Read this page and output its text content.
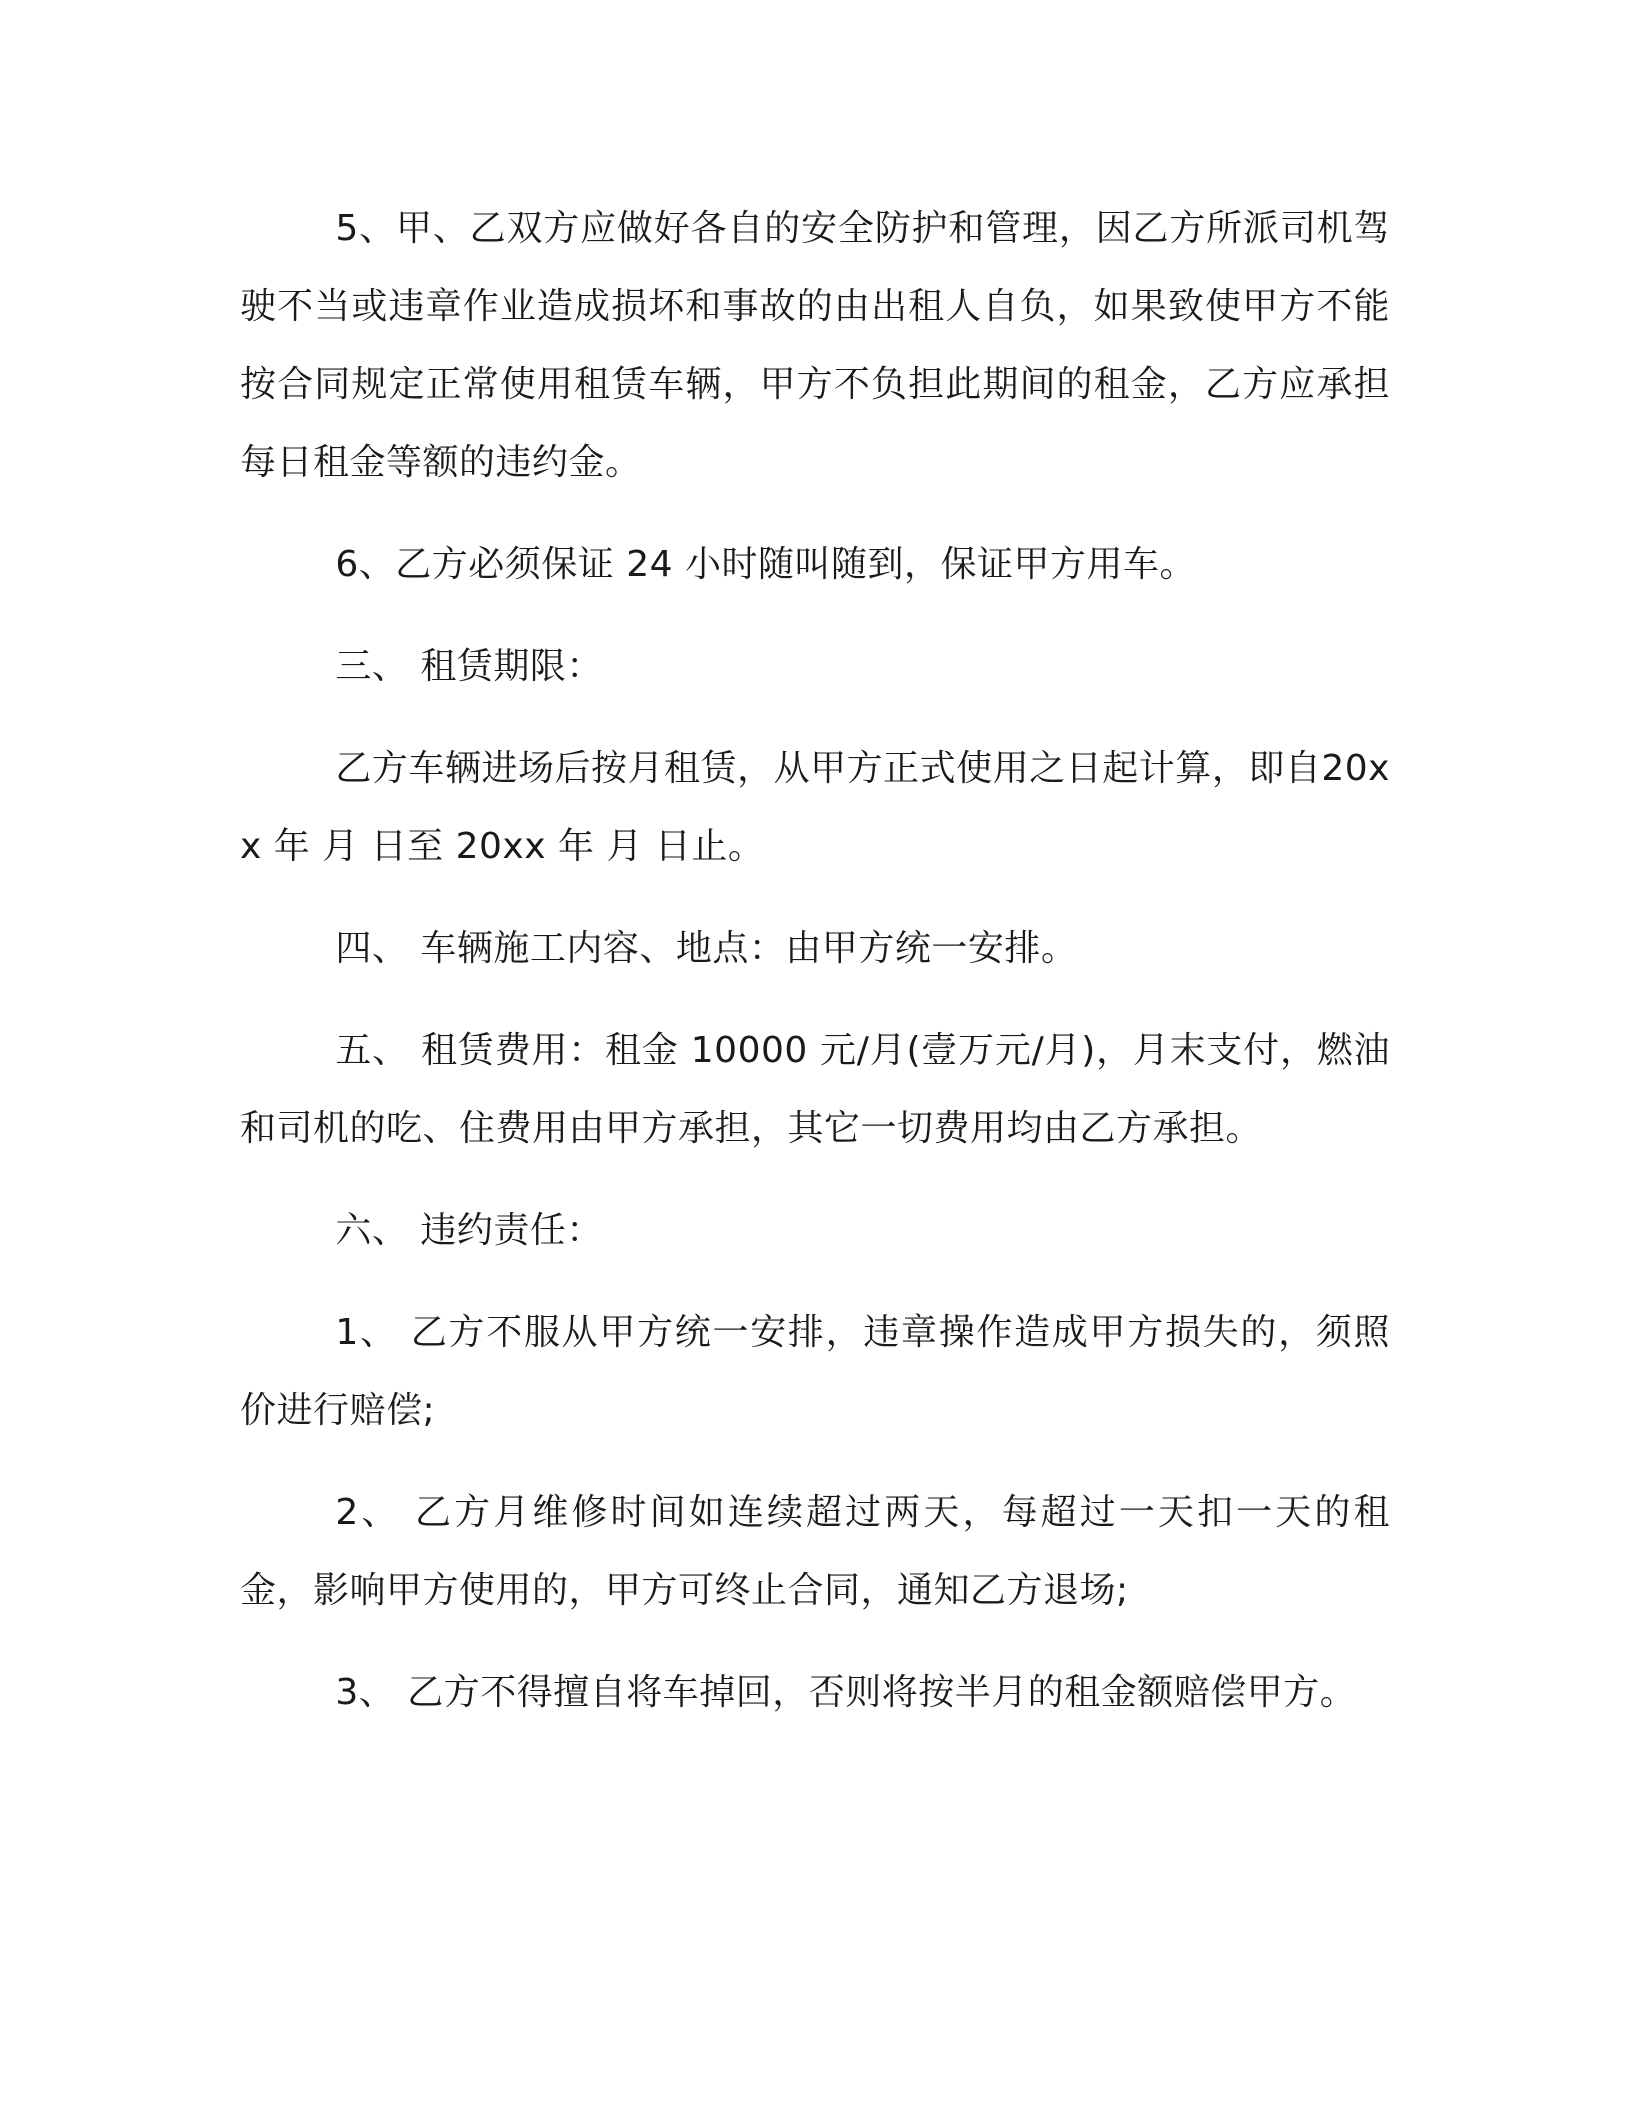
5、甲、乙双方应做好各自的安全防护和管理，因乙方所派司机驾驶不当或违章作业造成损坏和事故的由出租人自负，如果致使甲方不能按合同规定正常使用租赁车辆，甲方不负担此期间的租金，乙方应承担每日租金等额的违约金。

6、乙方必须保证 24 小时随叫随到，保证甲方用车。

三、 租赁期限：

乙方车辆进场后按月租赁，从甲方正式使用之日起计算，即自20xx 年 月 日至 20xx 年 月 日止。

四、 车辆施工内容、地点：由甲方统一安排。

五、 租赁费用：租金 10000 元/月(壹万元/月)，月末支付，燃油和司机的吃、住费用由甲方承担，其它一切费用均由乙方承担。

六、 违约责任：

1、 乙方不服从甲方统一安排，违章操作造成甲方损失的，须照价进行赔偿;

2、 乙方月维修时间如连续超过两天，每超过一天扣一天的租金，影响甲方使用的，甲方可终止合同，通知乙方退场;

3、 乙方不得擅自将车掉回，否则将按半月的租金额赔偿甲方。
